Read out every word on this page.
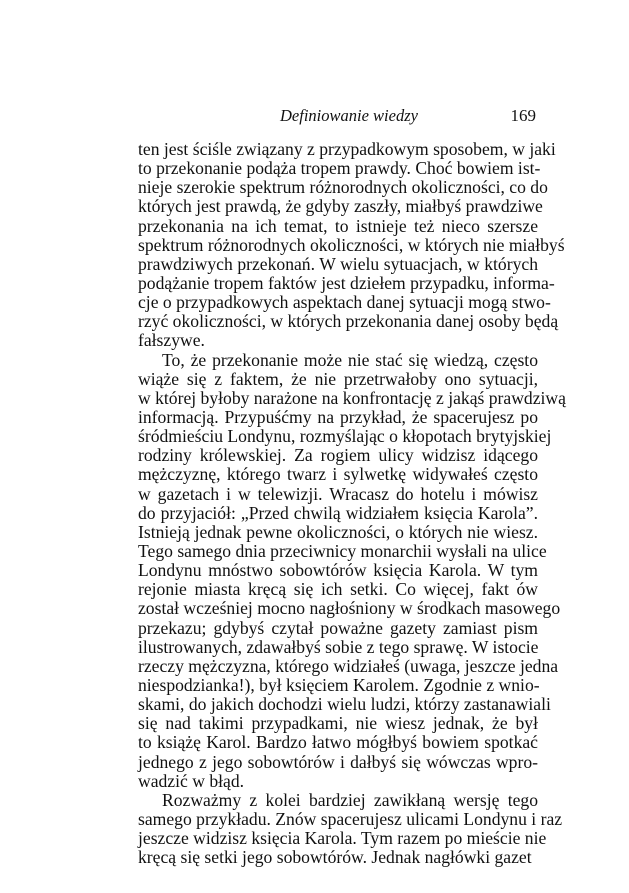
Definiowanie wiedzy	169
ten jest ściśle związany z przypadkowym sposobem, w jaki
to przekonanie podąża tropem prawdy. Choć bowiem ist-
nieje szerokie spektrum różnorodnych okoliczności, co do
których jest prawdą, że gdyby zaszły, miałbyś prawdziwe
przekonania na ich temat, to istnieje też nieco szersze
spektrum różnorodnych okoliczności, w których nie miałbyś
prawdziwych przekonań. W wielu sytuacjach, w których
podążanie tropem faktów jest dziełem przypadku, informa-
cje o przypadkowych aspektach danej sytuacji mogą stwo-
rzyć okoliczności, w których przekonania danej osoby będą
fałszywe.
To, że przekonanie może nie stać się wiedzą, często
wiąże się z faktem, że nie przetrwałoby ono sytuacji,
w której byłoby narażone na konfrontację z jakąś prawdziwą
informacją. Przypuśćmy na przykład, że spacerujesz po
śródmieściu Londynu, rozmyślając o kłopotach brytyjskiej
rodziny królewskiej. Za rogiem ulicy widzisz idącego
mężczyznę, którego twarz i sylwetkę widywałeś często
w gazetach i w telewizji. Wracasz do hotelu i mówisz
do przyjaciół: „Przed chwilą widziałem księcia Karola”.
Istnieją jednak pewne okoliczności, o których nie wiesz.
Tego samego dnia przeciwnicy monarchii wysłali na ulice
Londynu mnóstwo sobowtórów księcia Karola. W tym
rejonie miasta kręcą się ich setki. Co więcej, fakt ów
został wcześniej mocno nagłośniony w środkach masowego
przekazu; gdybyś czytał poważne gazety zamiast pism
ilustrowanych, zdawałbyś sobie z tego sprawę. W istocie
rzeczy mężczyzna, którego widziałeś (uwaga, jeszcze jedna
niespodzianka!), był księciem Karolem. Zgodnie z wnio-
skami, do jakich dochodzi wielu ludzi, którzy zastanawiali
się nad takimi przypadkami, nie wiesz jednak, że był
to książę Karol. Bardzo łatwo mógłbyś bowiem spotkać
jednego z jego sobowtórów i dałbyś się wówczas wpro-
wadzić w błąd.
Rozważmy z kolei bardziej zawikłaną wersję tego
samego przykładu. Znów spacerujesz ulicami Londynu i raz
jeszcze widzisz księcia Karola. Tym razem po mieście nie
kręcą się setki jego sobowtórów. Jednak nagłówki gazet
